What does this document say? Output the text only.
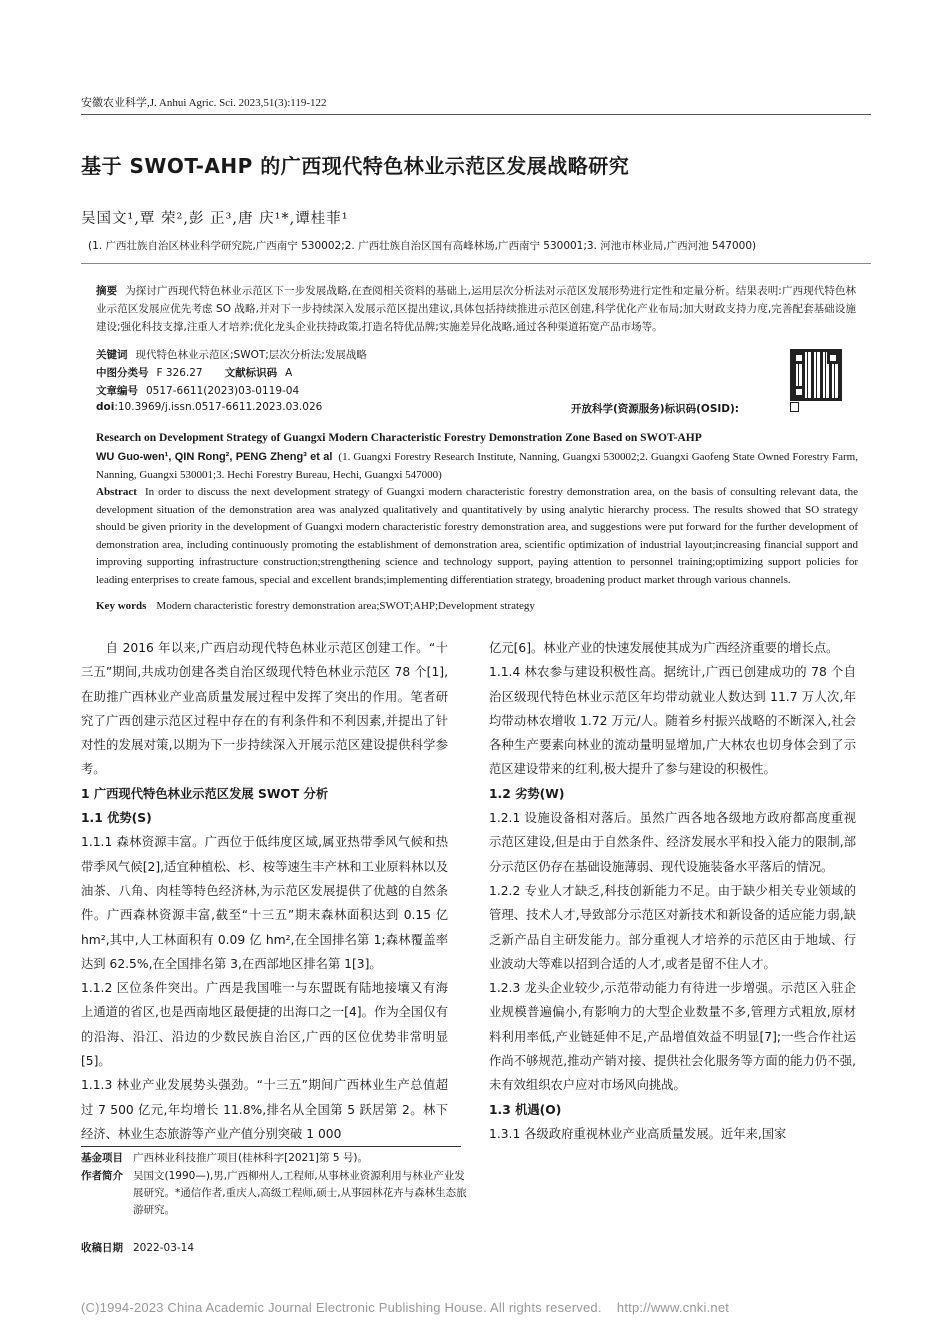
安徽农业科学,J. Anhui Agric. Sci. 2023,51(3):119-122
基于 SWOT-AHP 的广西现代特色林业示范区发展战略研究
吴国文¹,覃 荣²,彭 正³,唐 庆¹*,谭桂菲¹
(1. 广西壮族自治区林业科学研究院,广西南宁 530002;2. 广西壮族自治区国有高峰林场,广西南宁 530001;3. 河池市林业局,广西河池 547000)
摘要 为探讨广西现代特色林业示范区下一步发展战略,在查阅相关资料的基础上,运用层次分析法对示范区发展形势进行定性和定量分析。结果表明:广西现代特色林业示范区发展应优先考虑 SO 战略,并对下一步持续深入发展示范区提出建议,具体包括持续推进示范区创建,科学优化产业布局;加大财政支持力度,完善配套基础设施建设;强化科技支撑,注重人才培养;优化龙头企业扶持政策,打造名特优品牌;实施差异化战略,通过各种渠道拓宽产品市场等。
关键词 现代特色林业示范区;SWOT;层次分析法;发展战略
中图分类号 F 326.27 文献标识码 A
文章编号 0517-6611(2023)03-0119-04
doi:10.3969/j.issn.0517-6611.2023.03.026	开放科学(资源服务)标识码(OSID):
Research on Development Strategy of Guangxi Modern Characteristic Forestry Demonstration Zone Based on SWOT-AHP
WU Guo-wen¹, QIN Rong², PENG Zheng³ et al (1. Guangxi Forestry Research Institute, Nanning, Guangxi 530002;2. Guangxi Gaofeng State Owned Forestry Farm, Nanning, Guangxi 530001;3. Hechi Forestry Bureau, Hechi, Guangxi 547000)
Abstract In order to discuss the next development strategy of Guangxi modern characteristic forestry demonstration area, on the basis of consulting relevant data, the development situation of the demonstration area was analyzed qualitatively and quantitatively by using analytic hierarchy process. The results showed that SO strategy should be given priority in the development of Guangxi modern characteristic forestry demonstration area, and suggestions were put forward for the further development of demonstration area, including continuously promoting the establishment of demonstration area, scientific optimization of industrial layout;increasing financial support and improving supporting infrastructure construction;strengthening science and technology support, paying attention to personnel training;optimizing support policies for leading enterprises to create famous, special and excellent brands;implementing differentiation strategy, broadening product market through various channels.
Key words Modern characteristic forestry demonstration area;SWOT;AHP;Development strategy

自 2016 年以来,广西启动现代特色林业示范区创建工作。“十三五”期间,共成功创建各类自治区级现代特色林业示范区 78 个[1],在助推广西林业产业高质量发展过程中发挥了突出的作用。笔者研究了广西创建示范区过程中存在的有利条件和不利因素,并提出了针对性的发展对策,以期为下一步持续深入开展示范区建设提供科学参考。

1 广西现代特色林业示范区发展 SWOT 分析

1.1 优势(S)

1.1.1 森林资源丰富。广西位于低纬度区域,属亚热带季风气候和热带季风气候[2],适宜种植松、杉、桉等速生丰产林和工业原料林以及油茶、八角、肉桂等特色经济林,为示范区发展提供了优越的自然条件。广西森林资源丰富,截至“十三五”期末森林面积达到 0.15 亿 hm²,其中,人工林面积有 0.09 亿 hm²,在全国排名第 1;森林覆盖率达到 62.5%,在全国排名第 3,在西部地区排名第 1[3]。

1.1.2 区位条件突出。广西是我国唯一与东盟既有陆地接壤又有海上通道的省区,也是西南地区最便捷的出海口之一[4]。作为全国仅有的沿海、沿江、沿边的少数民族自治区,广西的区位优势非常明显[5]。

1.1.3 林业产业发展势头强劲。“十三五”期间广西林业生产总值超过 7 500 亿元,年均增长 11.8%,排名从全国第 5 跃居第 2。林下经济、林业生态旅游等产业产值分别突破 1 000

亿元[6]。林业产业的快速发展使其成为广西经济重要的增长点。

1.1.4 林农参与建设积极性高。据统计,广西已创建成功的 78 个自治区级现代特色林业示范区年均带动就业人数达到 11.7 万人次,年均带动林农增收 1.72 万元/人。随着乡村振兴战略的不断深入,社会各种生产要素向林业的流动量明显增加,广大林农也切身体会到了示范区建设带来的红利,极大提升了参与建设的积极性。

1.2 劣势(W)

1.2.1 设施设备相对落后。虽然广西各地各级地方政府都高度重视示范区建设,但是由于自然条件、经济发展水平和投入能力的限制,部分示范区仍存在基础设施薄弱、现代设施装备水平落后的情况。

1.2.2 专业人才缺乏,科技创新能力不足。由于缺少相关专业领域的管理、技术人才,导致部分示范区对新技术和新设备的适应能力弱,缺乏新产品自主研发能力。部分重视人才培养的示范区由于地域、行业波动大等难以招到合适的人才,或者是留不住人才。

1.2.3 龙头企业较少,示范带动能力有待进一步增强。示范区入驻企业规模普遍偏小,有影响力的大型企业数量不多,管理方式粗放,原材料利用率低,产业链延伸不足,产品增值效益不明显[7];一些合作社运作尚不够规范,推动产销对接、提供社会化服务等方面的能力仍不强,未有效组织农户应对市场风向挑战。

1.3 机遇(O)

1.3.1 各级政府重视林业产业高质量发展。近年来,国家

基金项目 广西林业科技推广项目(桂林科字[2021]第 5 号)。
作者简介 吴国文(1990—),男,广西柳州人,工程师,从事林业资源利用与林业产业发展研究。*通信作者,重庆人,高级工程师,硕士,从事园林花卉与森林生态旅游研究。
收稿日期 2022-03-14
(C)1994-2023 China Academic Journal Electronic Publishing House. All rights reserved.    http://www.cnki.net
